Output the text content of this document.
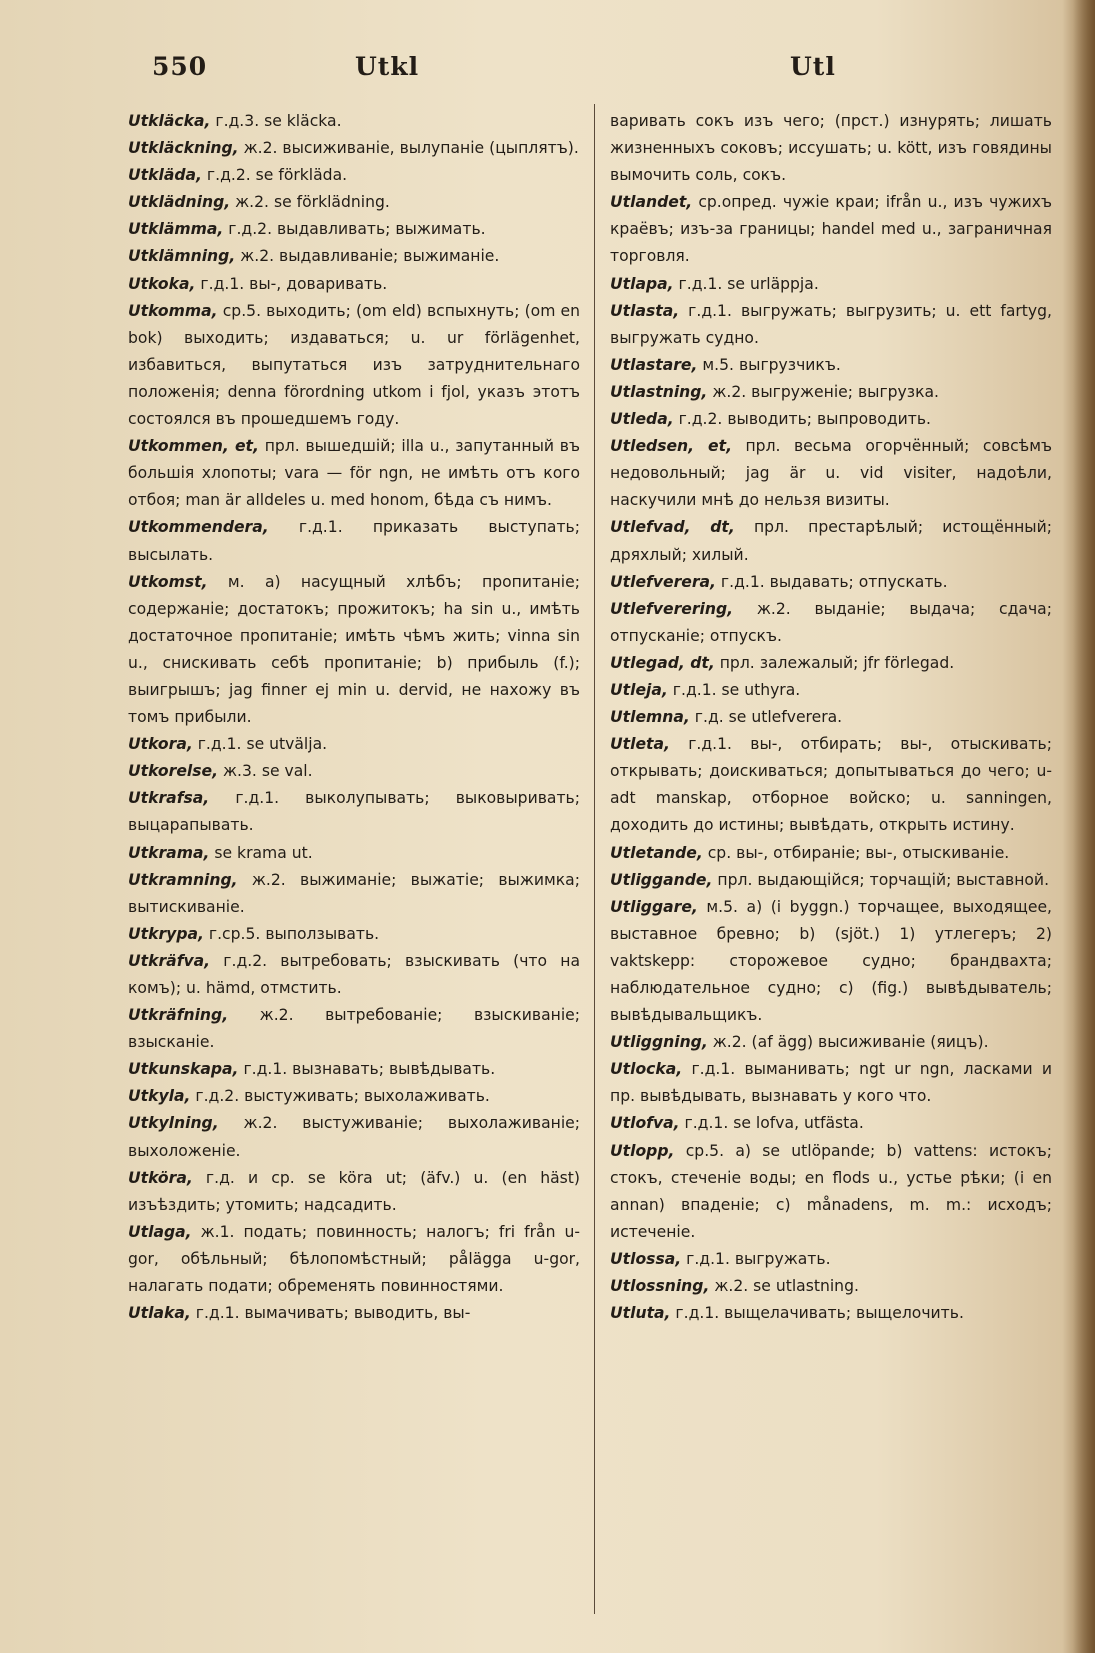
550	Utkl	Utl

Utkläcka, г.д.3. se kläcka.

Utkläckning, ж.2. высиживаніе, вылупаніе (цыплятъ).

Utkläda, г.д.2. se förkläda.

Utklädning, ж.2. se förklädning.

Utklämma, г.д.2. выдавливать; выжимать.

Utklämning, ж.2. выдавливаніе; выжиманіе.

Utkoka, г.д.1. вы-, доваривать.

Utkomma, ср.5. выходить; (om eld) вспыхнуть; (om en bok) выходить; издаваться; u. ur förlägenhet, избавиться, выпутаться изъ затруднительнаго положенія; denna förordning utkom i fjol, указъ этотъ состоялся въ прошедшемъ году.

Utkommen, et, прл. вышедшій; illa u., запутанный въ большія хлопоты; vara — för ngn, не имѣть отъ кого отбоя; man är alldeles u. med honom, бѣда съ нимъ.

Utkommendera, г.д.1. приказать выступать; высылать.

Utkomst, м. a) насущный хлѣбъ; пропитаніе; содержаніе; достатокъ; прожитокъ; ha sin u., имѣть достаточное пропитаніе; имѣть чѣмъ жить; vinna sin u., снискивать себѣ пропитаніе; b) прибыль (f.); выигрышъ; jag finner ej min u. dervid, не нахожу въ томъ прибыли.

Utkora, г.д.1. se utvälja.

Utkorelse, ж.3. se val.

Utkrafsa, г.д.1. выколупывать; выковыривать; выцарапывать.

Utkrama, se krama ut.

Utkramning, ж.2. выжиманіе; выжатіе; выжимка; вытискиваніе.

Utkrypa, г.ср.5. выползывать.

Utkräfva, г.д.2. вытребовать; взыскивать (что на комъ); u. hämd, отмстить.

Utkräfning, ж.2. вытребованіе; взыскиваніе; взысканіе.

Utkunskapa, г.д.1. вызнавать; вывѣдывать.

Utkyla, г.д.2. выстуживать; выхолаживать.

Utkylning, ж.2. выстуживаніе; выхолаживаніе; выхоложеніе.

Utköra, г.д. и ср. se köra ut; (äfv.) u. (en häst) изъѣздить; утомить; надсадить.

Utlaga, ж.1. подать; повинность; налогъ; fri från u-gor, обѣльный; бѣлопомѣстный; pålägga u-gor, налагать подати; обременять повинностями.

Utlaka, г.д.1. вымачивать; выводить, вы-

варивать сокъ изъ чего; (прст.) изнурять; лишать жизненныхъ соковъ; иссушать; u. kött, изъ говядины вымочить соль, сокъ.

Utlandet, ср.опред. чужіе краи; ifrån u., изъ чужихъ краёвъ; изъ-за границы; handel med u., заграничная торговля.

Utlapa, г.д.1. se urläppja.

Utlasta, г.д.1. выгружать; выгрузить; u. ett fartyg, выгружать судно.

Utlastare, м.5. выгрузчикъ.

Utlastning, ж.2. выгруженіе; выгрузка.

Utleda, г.д.2. выводить; выпроводить.

Utledsen, et, прл. весьма огорчённый; совсѣмъ недовольный; jag är u. vid visiter, надоѣли, наскучили мнѣ до нельзя визиты.

Utlefvad, dt, прл. престарѣлый; истощённый; дряхлый; хилый.

Utlefverera, г.д.1. выдавать; отпускать.

Utlefverering, ж.2. выданіе; выдача; сдача; отпусканіе; отпускъ.

Utlegad, dt, прл. залежалый; jfr förlegad.

Utleja, г.д.1. se uthyra.

Utlemna, г.д. se utlefverera.

Utleta, г.д.1. вы-, отбирать; вы-, отыскивать; открывать; доискиваться; допытываться до чего; u-adt manskap, отборное войско; u. sanningen, доходить до истины; вывѣдать, открыть истину.

Utletande, ср. вы-, отбираніе; вы-, отыскиваніе.

Utliggande, прл. выдающійся; торчащій; выставной.

Utliggare, м.5. a) (i byggn.) торчащее, выходящее, выставное бревно; b) (sjöt.) 1) утлегеръ; 2) vaktskepp: сторожевое судно; брандвахта; наблюдательное судно; c) (fig.) вывѣдыватель; вывѣдывальщикъ.

Utliggning, ж.2. (af ägg) высиживаніе (яицъ).

Utlocka, г.д.1. выманивать; ngt ur ngn, ласками и пр. вывѣдывать, вызнавать у кого что.

Utlofva, г.д.1. se lofva, utfästa.

Utlopp, ср.5. a) se utlöpande; b) vattens: истокъ; стокъ, стеченіе воды; en flods u., устье рѣки; (i en annan) впаденіе; c) månadens, m. m.: исходъ; истеченіе.

Utlossa, г.д.1. выгружать.

Utlossning, ж.2. se utlastning.

Utluta, г.д.1. выщелачивать; выщелочить.
